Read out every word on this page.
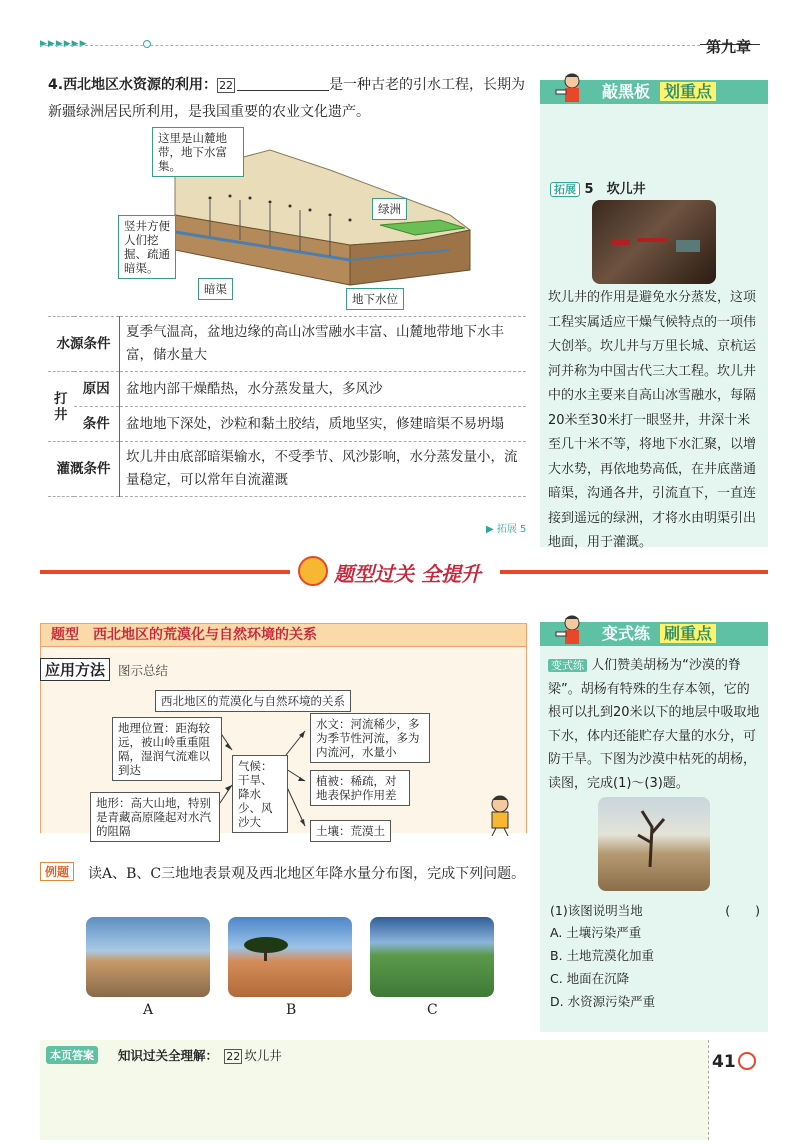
▶▶▶▶▶▶	第九章
4.西北地区水资源的利用： 22	是一种古老的引水工程，长期为
新疆绿洲居民所利用，是我国重要的农业文化遗产。
这里是山麓地带，地下水富集。
竖井方便人们挖掘、疏通暗渠。
绿洲
暗渠
地下水位
水源条件		夏季气温高，盆地边缘的高山冰雪融水丰富、山麓地带地下水丰富，储水量大
打井	原因	盆地内部干燥酷热，水分蒸发量大，多风沙
	条件	盆地地下深处，沙粒和黏土胶结，质地坚实，修建暗渠不易坍塌
灌溉条件		坎儿井由底部暗渠输水，不受季节、风沙影响，水分蒸发量小，流量稳定，可以常年自流灌溉
▶ 拓展 5
敲黑板 划重点
拓展 5　 坎儿井
坎儿井的作用是避免水分蒸发，这项工程实属适应干燥气候特点的一项伟大创举。坎儿井与万里长城、京杭运河并称为中国古代三大工程。坎儿井中的水主要来自高山冰雪融水，每隔20米至30米打一眼竖井，井深十米至几十米不等，将地下水汇聚，以增大水势，再依地势高低，在井底凿通暗渠，沟通各井，引流直下，一直连接到遥远的绿洲，才将水由明渠引出地面，用于灌溉。
题型过关 全提升
题型　西北地区的荒漠化与自然环境的关系
应用方法	图示总结
西北地区的荒漠化与自然环境的关系
地理位置：距海较远，被山岭重重阻隔，湿润气流难以到达
地形：高大山地，特别是青藏高原隆起对水汽的阻隔
气候：干旱、降水少、风沙大
水文：河流稀少，多为季节性河流，多为内流河，水量小
植被：稀疏，对地表保护作用差
土壤：荒漠土
例题	读A、B、C三地地表景观及西北地区年降水量分布图，完成下列问题。
A	B	C
变式练 刷重点
变式练 人们赞美胡杨为“沙漠的脊梁”。胡杨有特殊的生存本领，它的根可以扎到20米以下的地层中吸取地下水，体内还能贮存大量的水分，可防干旱。下图为沙漠中枯死的胡杨，读图，完成(1)～(3)题。
(1)该图说明当地	(　　)
A. 土壤污染严重
B. 土地荒漠化加重
C. 地面在沉降
D. 水资源污染严重
本页答案	知识过关全理解：　 22 坎儿井	41
